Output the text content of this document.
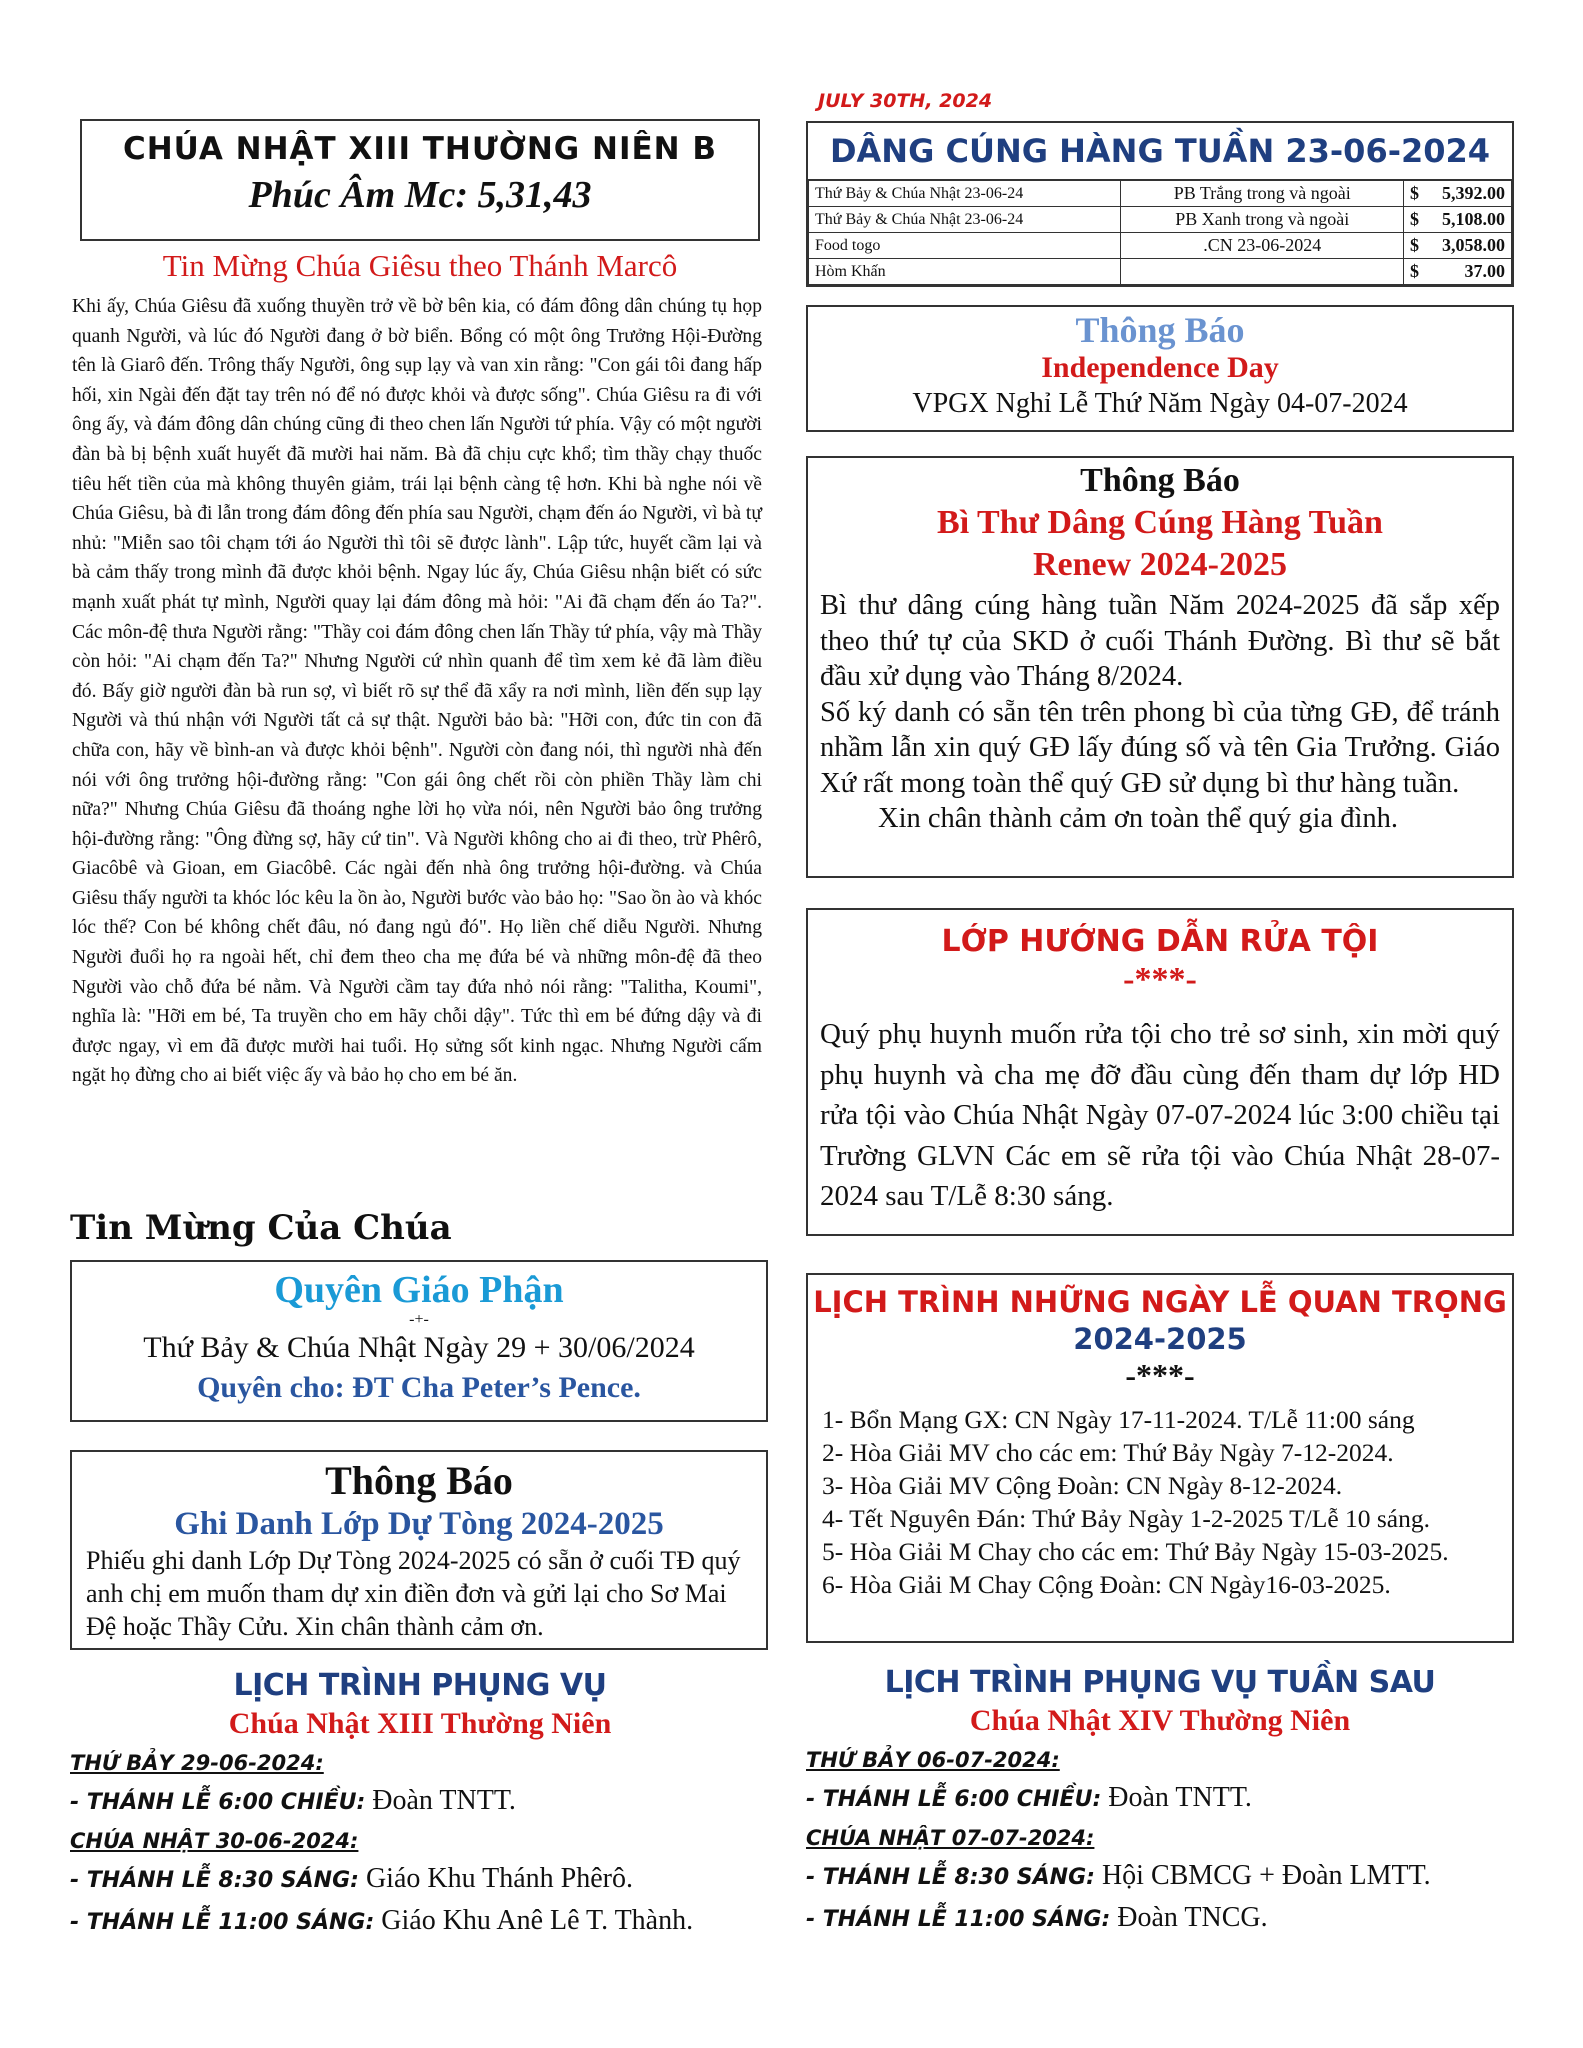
JULY 30TH, 2024
CHÚA NHẬT XIII THƯỜNG NIÊN B
Phúc Âm Mc: 5,31,43
Tin Mừng Chúa Giêsu theo Thánh Marcô

Khi ấy, Chúa Giêsu đã xuống thuyền trở về bờ bên kia, có đám đông dân chúng tụ họp quanh Người, và lúc đó Người đang ở bờ biển. Bổng có một ông Trưởng Hội-Đường tên là Giarô đến. Trông thấy Người, ông sụp lạy và van xin rằng: "Con gái tôi đang hấp hối, xin Ngài đến đặt tay trên nó để nó được khỏi và được sống". Chúa Giêsu ra đi với ông ấy, và đám đông dân chúng cũng đi theo chen lấn Người tứ phía. Vậy có một người đàn bà bị bệnh xuất huyết đã mười hai năm. Bà đã chịu cực khổ; tìm thầy chạy thuốc tiêu hết tiền của mà không thuyên giảm, trái lại bệnh càng tệ hơn. Khi bà nghe nói về Chúa Giêsu, bà đi lẫn trong đám đông đến phía sau Người, chạm đến áo Người, vì bà tự nhủ: "Miễn sao tôi chạm tới áo Người thì tôi sẽ được lành". Lập tức, huyết cầm lại và bà cảm thấy trong mình đã được khỏi bệnh. Ngay lúc ấy, Chúa Giêsu nhận biết có sức mạnh xuất phát tự mình, Người quay lại đám đông mà hỏi: "Ai đã chạm đến áo Ta?". Các môn-đệ thưa Người rằng: "Thầy coi đám đông chen lấn Thầy tứ phía, vậy mà Thầy còn hỏi: "Ai chạm đến Ta?" Nhưng Người cứ nhìn quanh để tìm xem kẻ đã làm điều đó. Bấy giờ người đàn bà run sợ, vì biết rõ sự thể đã xẩy ra nơi mình, liền đến sụp lạy Người và thú nhận với Người tất cả sự thật. Người bảo bà: "Hỡi con, đức tin con đã chữa con, hãy về bình-an và được khỏi bệnh". Người còn đang nói, thì người nhà đến nói với ông trưởng hội-đường rằng: "Con gái ông chết rồi còn phiền Thầy làm chi nữa?" Nhưng Chúa Giêsu đã thoáng nghe lời họ vừa nói, nên Người bảo ông trưởng hội-đường rằng: "Ông đừng sợ, hãy cứ tin". Và Người không cho ai đi theo, trừ Phêrô, Giacôbê và Gioan, em Giacôbê. Các ngài đến nhà ông trưởng hội-đường. và Chúa Giêsu thấy người ta khóc lóc kêu la ồn ào, Người bước vào bảo họ: "Sao ồn ào và khóc lóc thế? Con bé không chết đâu, nó đang ngủ đó". Họ liền chế diễu Người. Nhưng Người đuổi họ ra ngoài hết, chỉ đem theo cha mẹ đứa bé và những môn-đệ đã theo Người vào chỗ đứa bé nằm. Và Người cầm tay đứa nhỏ nói rằng: "Talitha, Koumi", nghĩa là: "Hỡi em bé, Ta truyền cho em hãy chỗi dậy". Tức thì em bé đứng dậy và đi được ngay, vì em đã được mười hai tuổi. Họ sửng sốt kinh ngạc. Nhưng Người cấm ngặt họ đừng cho ai biết việc ấy và bảo họ cho em bé ăn.

Tin Mừng Của Chúa
Quyên Giáo Phận
-+-
Thứ Bảy & Chúa Nhật Ngày 29 + 30/06/2024
Quyên cho: ĐT Cha Peter’s Pence.
Thông Báo
Ghi Danh Lớp Dự Tòng 2024-2025

Phiếu ghi danh Lớp Dự Tòng 2024-2025 có sẵn ở cuối TĐ quý anh chị em muốn tham dự xin điền đơn và gửi lại cho Sơ Mai Đệ hoặc Thầy Cửu. Xin chân thành cảm ơn.

LỊCH TRÌNH PHỤNG VỤ
Chúa Nhật XIII Thường Niên
THỨ BẢY 29-06-2024:
- THÁNH LỄ 6:00 CHIỀU: Đoàn TNTT.
CHÚA NHẬT 30-06-2024:
- THÁNH LỄ 8:30 SÁNG: Giáo Khu Thánh Phêrô.
- THÁNH LỄ 11:00 SÁNG: Giáo Khu Anê Lê T. Thành.
DÂNG CÚNG HÀNG TUẦN 23-06-2024
Thứ Bảy & Chúa Nhật 23-06-24	PB Trắng trong và ngoài	$	5,392.00
Thứ Bảy & Chúa Nhật 23-06-24	PB Xanh trong và ngoài	$	5,108.00
Food togo	.CN 23-06-2024	$	3,058.00
Hòm Khấn		$	37.00
Thông Báo
Independence Day
VPGX Nghỉ Lễ Thứ Năm Ngày 04-07-2024
Thông Báo
Bì Thư Dâng Cúng Hàng Tuần
Renew 2024-2025

Bì thư dâng cúng hàng tuần Năm 2024-2025 đã sắp xếp theo thứ tự của SKD ở cuối Thánh Đường. Bì thư sẽ bắt đầu xử dụng vào Tháng 8/2024.

Số ký danh có sẵn tên trên phong bì của từng GĐ, để tránh nhầm lẫn xin quý GĐ lấy đúng số và tên Gia Trưởng. Giáo Xứ rất mong toàn thể quý GĐ sử dụng bì thư hàng tuần.

Xin chân thành cảm ơn toàn thể quý gia đình.

LỚP HƯỚNG DẪN RỬA TỘI
-***-

Quý phụ huynh muốn rửa tội cho trẻ sơ sinh, xin mời quý phụ huynh và cha mẹ đỡ đầu cùng đến tham dự lớp HD rửa tội vào Chúa Nhật Ngày 07-07-2024 lúc 3:00 chiều tại Trường GLVN Các em sẽ rửa tội vào Chúa Nhật 28-07-2024 sau T/Lễ 8:30 sáng.

LỊCH TRÌNH NHỮNG NGÀY LỄ QUAN TRỌNG
2024-2025
-***-
1- Bổn Mạng GX: CN Ngày 17-11-2024. T/Lễ 11:00 sáng
2- Hòa Giải MV cho các em: Thứ Bảy Ngày 7-12-2024.
3- Hòa Giải MV Cộng Đoàn: CN Ngày 8-12-2024.
4- Tết Nguyên Đán: Thứ Bảy Ngày 1-2-2025 T/Lễ 10 sáng.
5- Hòa Giải M Chay cho các em: Thứ Bảy Ngày 15-03-2025.
6- Hòa Giải M Chay Cộng Đoàn: CN Ngày16-03-2025.
LỊCH TRÌNH PHỤNG VỤ TUẦN SAU
Chúa Nhật XIV Thường Niên
THỨ BẢY 06-07-2024:
- THÁNH LỄ 6:00 CHIỀU: Đoàn TNTT.
CHÚA NHẬT 07-07-2024:
- THÁNH LỄ 8:30 SÁNG: Hội CBMCG + Đoàn LMTT.
- THÁNH LỄ 11:00 SÁNG: Đoàn TNCG.
